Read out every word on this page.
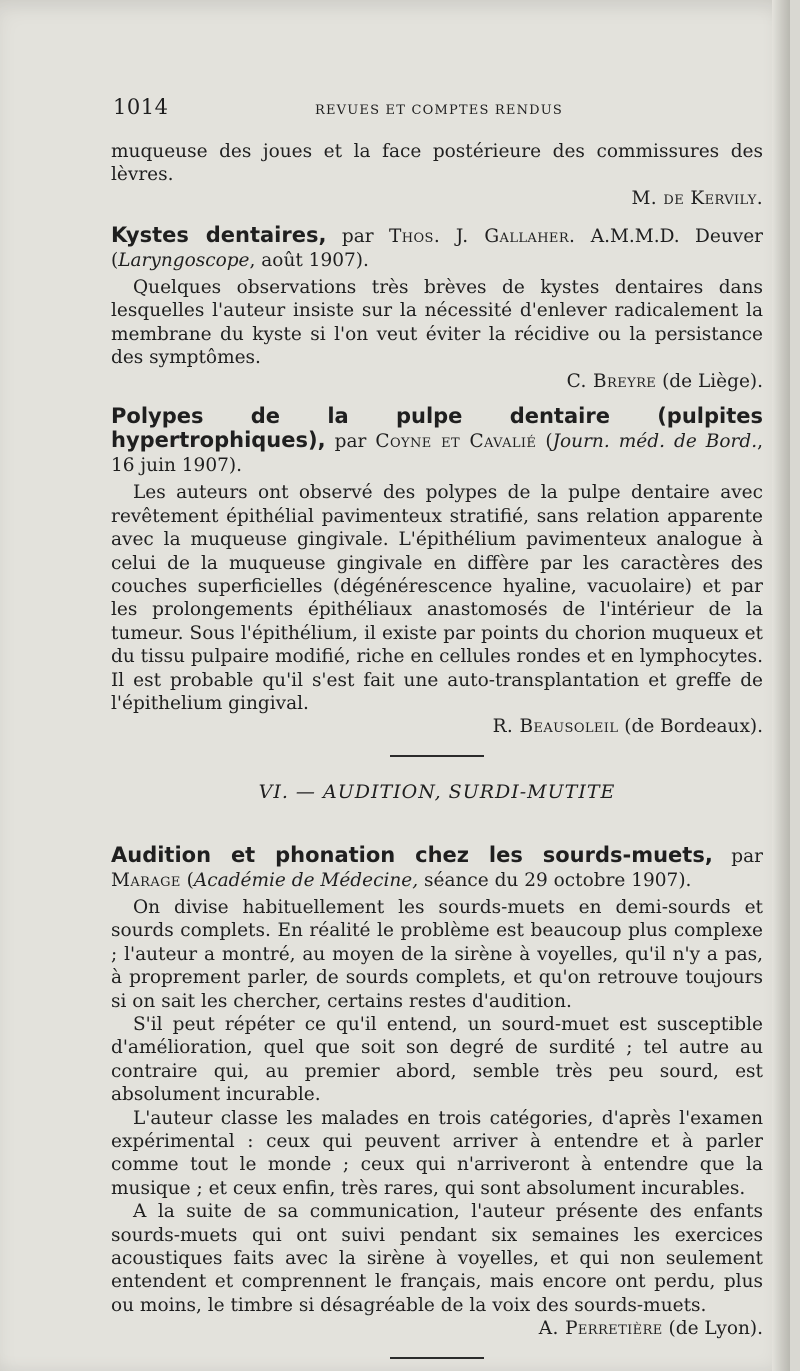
1014	REVUES ET COMPTES RENDUS

muqueuse des joues et la face postérieure des commissures des lèvres.
M. de Kervily.

Kystes dentaires, par Thos. J. Gallaher. A.M.M.D. Deuver (Laryngoscope, août 1907).

Quelques observations très brèves de kystes dentaires dans lesquelles l'auteur insiste sur la nécessité d'enlever radicalement la membrane du kyste si l'on veut éviter la récidive ou la persistance des symptômes.

C. Breyre (de Liège).

Polypes de la pulpe dentaire (pulpites hypertrophiques), par Coyne et Cavalié (Journ. méd. de Bord., 16 juin 1907).

Les auteurs ont observé des polypes de la pulpe dentaire avec revêtement épithélial pavimenteux stratifié, sans relation apparente avec la muqueuse gingivale. L'épithélium pavimenteux analogue à celui de la muqueuse gingivale en diffère par les caractères des couches superficielles (dégénérescence hyaline, vacuolaire) et par les prolongements épithéliaux anastomosés de l'intérieur de la tumeur. Sous l'épithélium, il existe par points du chorion muqueux et du tissu pulpaire modifié, riche en cellules rondes et en lymphocytes. Il est probable qu'il s'est fait une auto-transplantation et greffe de l'épithelium gingival.

R. Beausoleil (de Bordeaux).

VI. — AUDITION, SURDI-MUTITE

Audition et phonation chez les sourds-muets, par Marage (Académie de Médecine, séance du 29 octobre 1907).

On divise habituellement les sourds-muets en demi-sourds et sourds complets. En réalité le problème est beaucoup plus complexe ; l'auteur a montré, au moyen de la sirène à voyelles, qu'il n'y a pas, à proprement parler, de sourds complets, et qu'on retrouve toujours si on sait les chercher, certains restes d'audition.

S'il peut répéter ce qu'il entend, un sourd-muet est susceptible d'amélioration, quel que soit son degré de surdité ; tel autre au contraire qui, au premier abord, semble très peu sourd, est absolument incurable.

L'auteur classe les malades en trois catégories, d'après l'examen expérimental : ceux qui peuvent arriver à entendre et à parler comme tout le monde ; ceux qui n'arriveront à entendre que la musique ; et ceux enfin, très rares, qui sont absolument incurables.

A la suite de sa communication, l'auteur présente des enfants sourds-muets qui ont suivi pendant six semaines les exercices acoustiques faits avec la sirène à voyelles, et qui non seulement entendent et comprennent le français, mais encore ont perdu, plus ou moins, le timbre si désagréable de la voix des sourds-muets.

A. Perretière (de Lyon).
